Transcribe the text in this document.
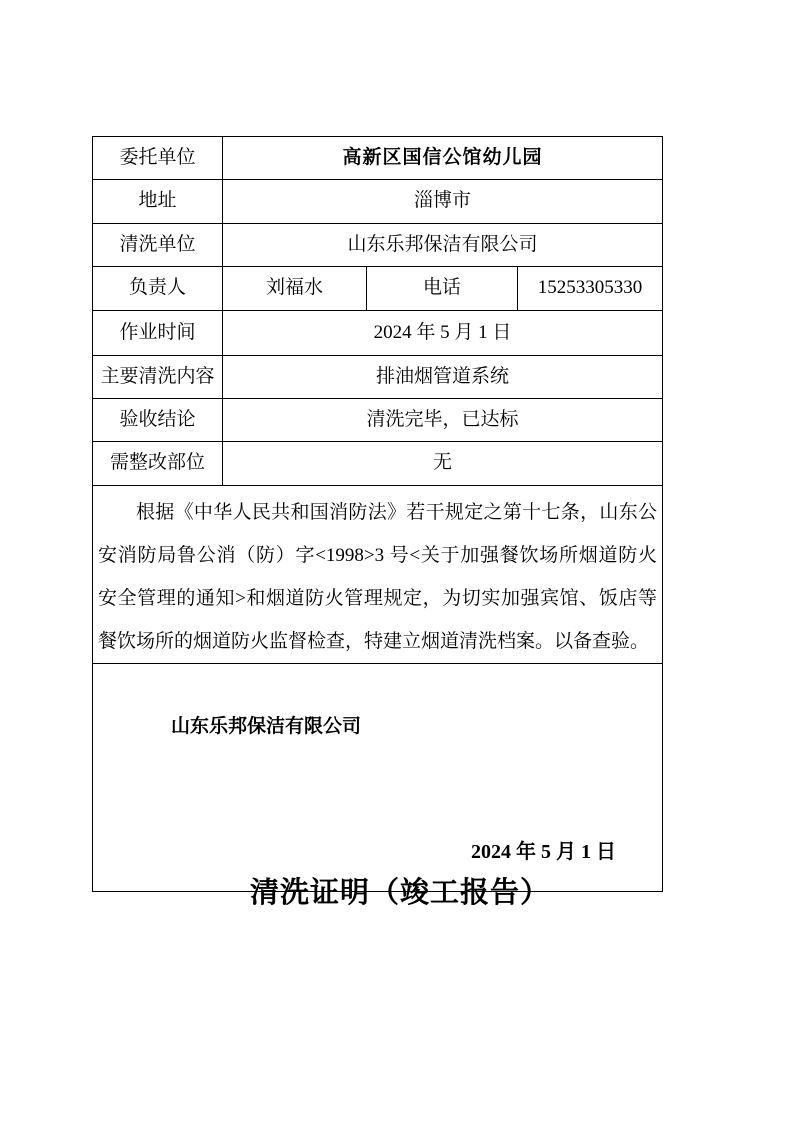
委托单位	高新区国信公馆幼儿园		
地址	淄博市		
清洗单位	山东乐邦保洁有限公司		
负责人	刘福水	电话	15253305330
作业时间	2024 年 5 月 1 日		
主要清洗内容	排油烟管道系统		
验收结论	清洗完毕，已达标		
需整改部位	无		

根据《中华人民共和国消防法》若干规定之第十七条，山东公安消防局鲁公消（防）字<1998>3 号<关于加强餐饮场所烟道防火安全管理的通知>和烟道防火管理规定，为切实加强宾馆、饭店等餐饮场所的烟道防火监督检查，特建立烟道清洗档案。以备查验。			

山东乐邦保洁有限公司
2024 年 5 月 1 日			
清洗证明（竣工报告）
